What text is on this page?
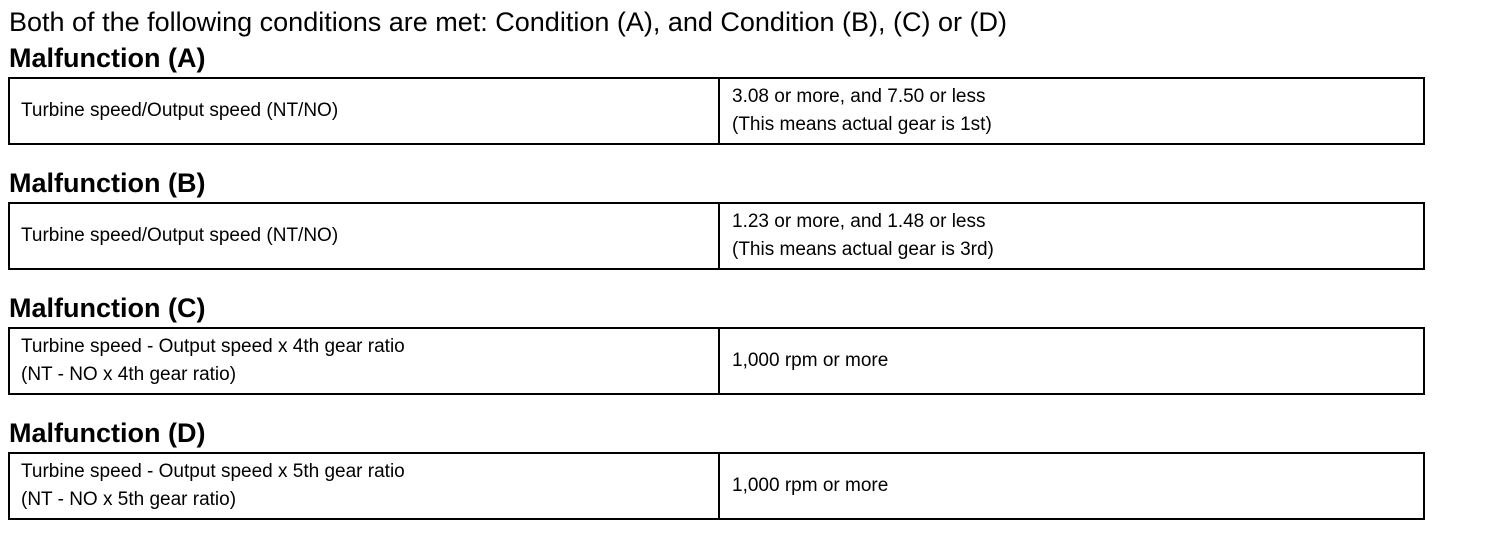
Both of the following conditions are met: Condition (A), and Condition (B), (C) or (D)
Malfunction (A)
Turbine speed/Output speed (NT/NO)
3.08 or more, and 7.50 or less
(This means actual gear is 1st)
Malfunction (B)
Turbine speed/Output speed (NT/NO)
1.23 or more, and 1.48 or less
(This means actual gear is 3rd)
Malfunction (C)
Turbine speed - Output speed x 4th gear ratio
(NT - NO x 4th gear ratio)
1,000 rpm or more
Malfunction (D)
Turbine speed - Output speed x 5th gear ratio
(NT - NO x 5th gear ratio)
1,000 rpm or more
